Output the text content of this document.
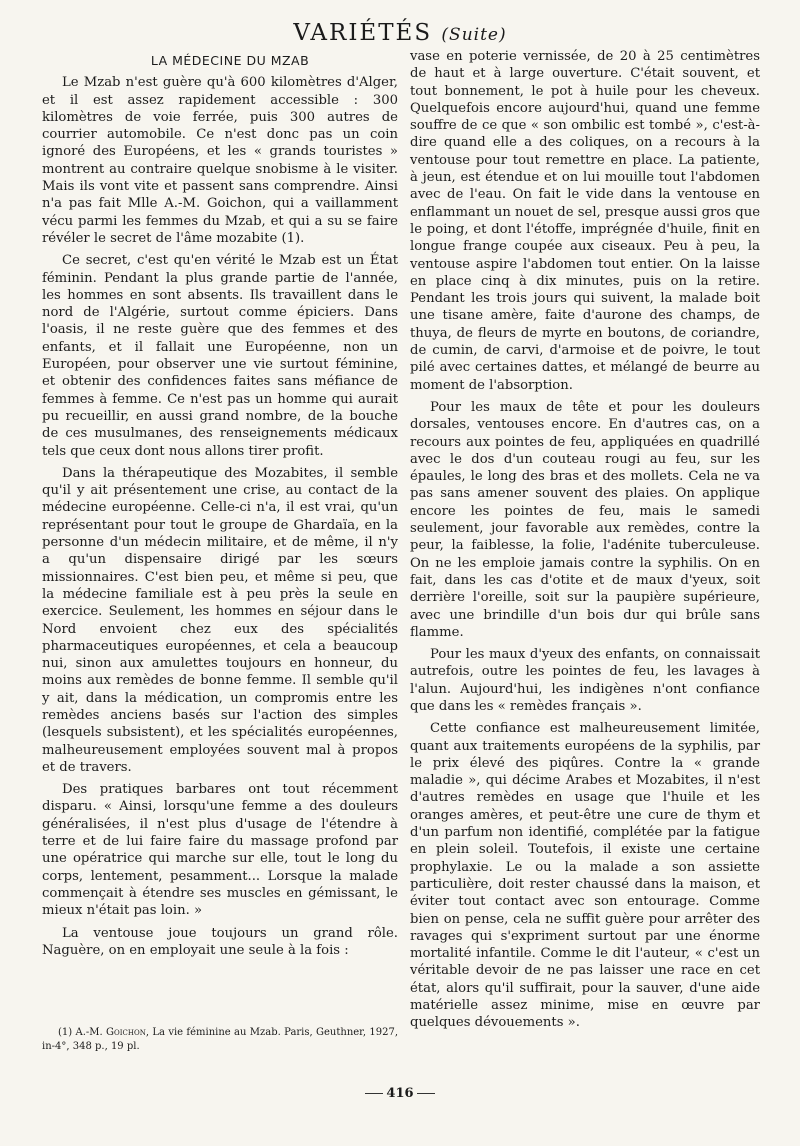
VARIÉTÉS (Suite)

LA MÉDECINE DU MZAB

Le Mzab n'est guère qu'à 600 kilomètres d'Alger, et il est assez rapidement accessible : 300 kilomètres de voie ferrée, puis 300 autres de courrier automobile. Ce n'est donc pas un coin ignoré des Européens, et les « grands touristes » montrent au contraire quelque snobisme à le visiter. Mais ils vont vite et passent sans comprendre. Ainsi n'a pas fait Mlle A.-M. Goichon, qui a vaillamment vécu parmi les femmes du Mzab, et qui a su se faire révéler le secret de l'âme mozabite (1).

Ce secret, c'est qu'en vérité le Mzab est un État féminin. Pendant la plus grande partie de l'année, les hommes en sont absents. Ils travaillent dans le nord de l'Algérie, surtout comme épiciers. Dans l'oasis, il ne reste guère que des femmes et des enfants, et il fallait une Européenne, non un Européen, pour observer une vie surtout féminine, et obtenir des confidences faites sans méfiance de femmes à femme. Ce n'est pas un homme qui aurait pu recueillir, en aussi grand nombre, de la bouche de ces musulmanes, des renseignements médicaux tels que ceux dont nous allons tirer profit.

Dans la thérapeutique des Mozabites, il semble qu'il y ait présentement une crise, au contact de la médecine européenne. Celle-ci n'a, il est vrai, qu'un représentant pour tout le groupe de Ghardaïa, en la personne d'un médecin militaire, et de même, il n'y a qu'un dispensaire dirigé par les sœurs missionnaires. C'est bien peu, et même si peu, que la médecine familiale est à peu près la seule en exercice. Seulement, les hommes en séjour dans le Nord envoient chez eux des spécialités pharmaceutiques européennes, et cela a beaucoup nui, sinon aux amulettes toujours en honneur, du moins aux remèdes de bonne femme. Il semble qu'il y ait, dans la médication, un compromis entre les remèdes anciens basés sur l'action des simples (lesquels subsistent), et les spécialités européennes, malheureusement employées souvent mal à propos et de travers.

Des pratiques barbares ont tout récemment disparu. « Ainsi, lorsqu'une femme a des douleurs généralisées, il n'est plus d'usage de l'étendre à terre et de lui faire faire du massage profond par une opératrice qui marche sur elle, tout le long du corps, lentement, pesamment... Lorsque la malade commençait à étendre ses muscles en gémissant, le mieux n'était pas loin. »

La ventouse joue toujours un grand rôle. Naguère, on en employait une seule à la fois :

(1) A.-M. Goichon, La vie féminine au Mzab. Paris, Geuthner, 1927, in-4°, 348 p., 19 pl.

vase en poterie vernissée, de 20 à 25 centimètres de haut et à large ouverture. C'était souvent, et tout bonnement, le pot à huile pour les cheveux. Quelquefois encore aujourd'hui, quand une femme souffre de ce que « son ombilic est tombé », c'est-à-dire quand elle a des coliques, on a recours à la ventouse pour tout remettre en place. La patiente, à jeun, est étendue et on lui mouille tout l'abdomen avec de l'eau. On fait le vide dans la ventouse en enflammant un nouet de sel, presque aussi gros que le poing, et dont l'étoffe, imprégnée d'huile, finit en longue frange coupée aux ciseaux. Peu à peu, la ventouse aspire l'abdomen tout entier. On la laisse en place cinq à dix minutes, puis on la retire. Pendant les trois jours qui suivent, la malade boit une tisane amère, faite d'aurone des champs, de thuya, de fleurs de myrte en boutons, de coriandre, de cumin, de carvi, d'armoise et de poivre, le tout pilé avec certaines dattes, et mélangé de beurre au moment de l'absorption.

Pour les maux de tête et pour les douleurs dorsales, ventouses encore. En d'autres cas, on a recours aux pointes de feu, appliquées en quadrillé avec le dos d'un couteau rougi au feu, sur les épaules, le long des bras et des mollets. Cela ne va pas sans amener souvent des plaies. On applique encore les pointes de feu, mais le samedi seulement, jour favorable aux remèdes, contre la peur, la faiblesse, la folie, l'adénite tuberculeuse. On ne les emploie jamais contre la syphilis. On en fait, dans les cas d'otite et de maux d'yeux, soit derrière l'oreille, soit sur la paupière supérieure, avec une brindille d'un bois dur qui brûle sans flamme.

Pour les maux d'yeux des enfants, on connaissait autrefois, outre les pointes de feu, les lavages à l'alun. Aujourd'hui, les indigènes n'ont confiance que dans les « remèdes français ».

Cette confiance est malheureusement limitée, quant aux traitements européens de la syphilis, par le prix élevé des piqûres. Contre la « grande maladie », qui décime Arabes et Mozabites, il n'est d'autres remèdes en usage que l'huile et les oranges amères, et peut-être une cure de thym et d'un parfum non identifié, complétée par la fatigue en plein soleil. Toutefois, il existe une certaine prophylaxie. Le ou la malade a son assiette particulière, doit rester chaussé dans la maison, et éviter tout contact avec son entourage. Comme bien on pense, cela ne suffit guère pour arrêter des ravages qui s'expriment surtout par une énorme mortalité infantile. Comme le dit l'auteur, « c'est un véritable devoir de ne pas laisser une race en cet état, alors qu'il suffirait, pour la sauver, d'une aide matérielle assez minime, mise en œuvre par quelques dévouements ».

416
